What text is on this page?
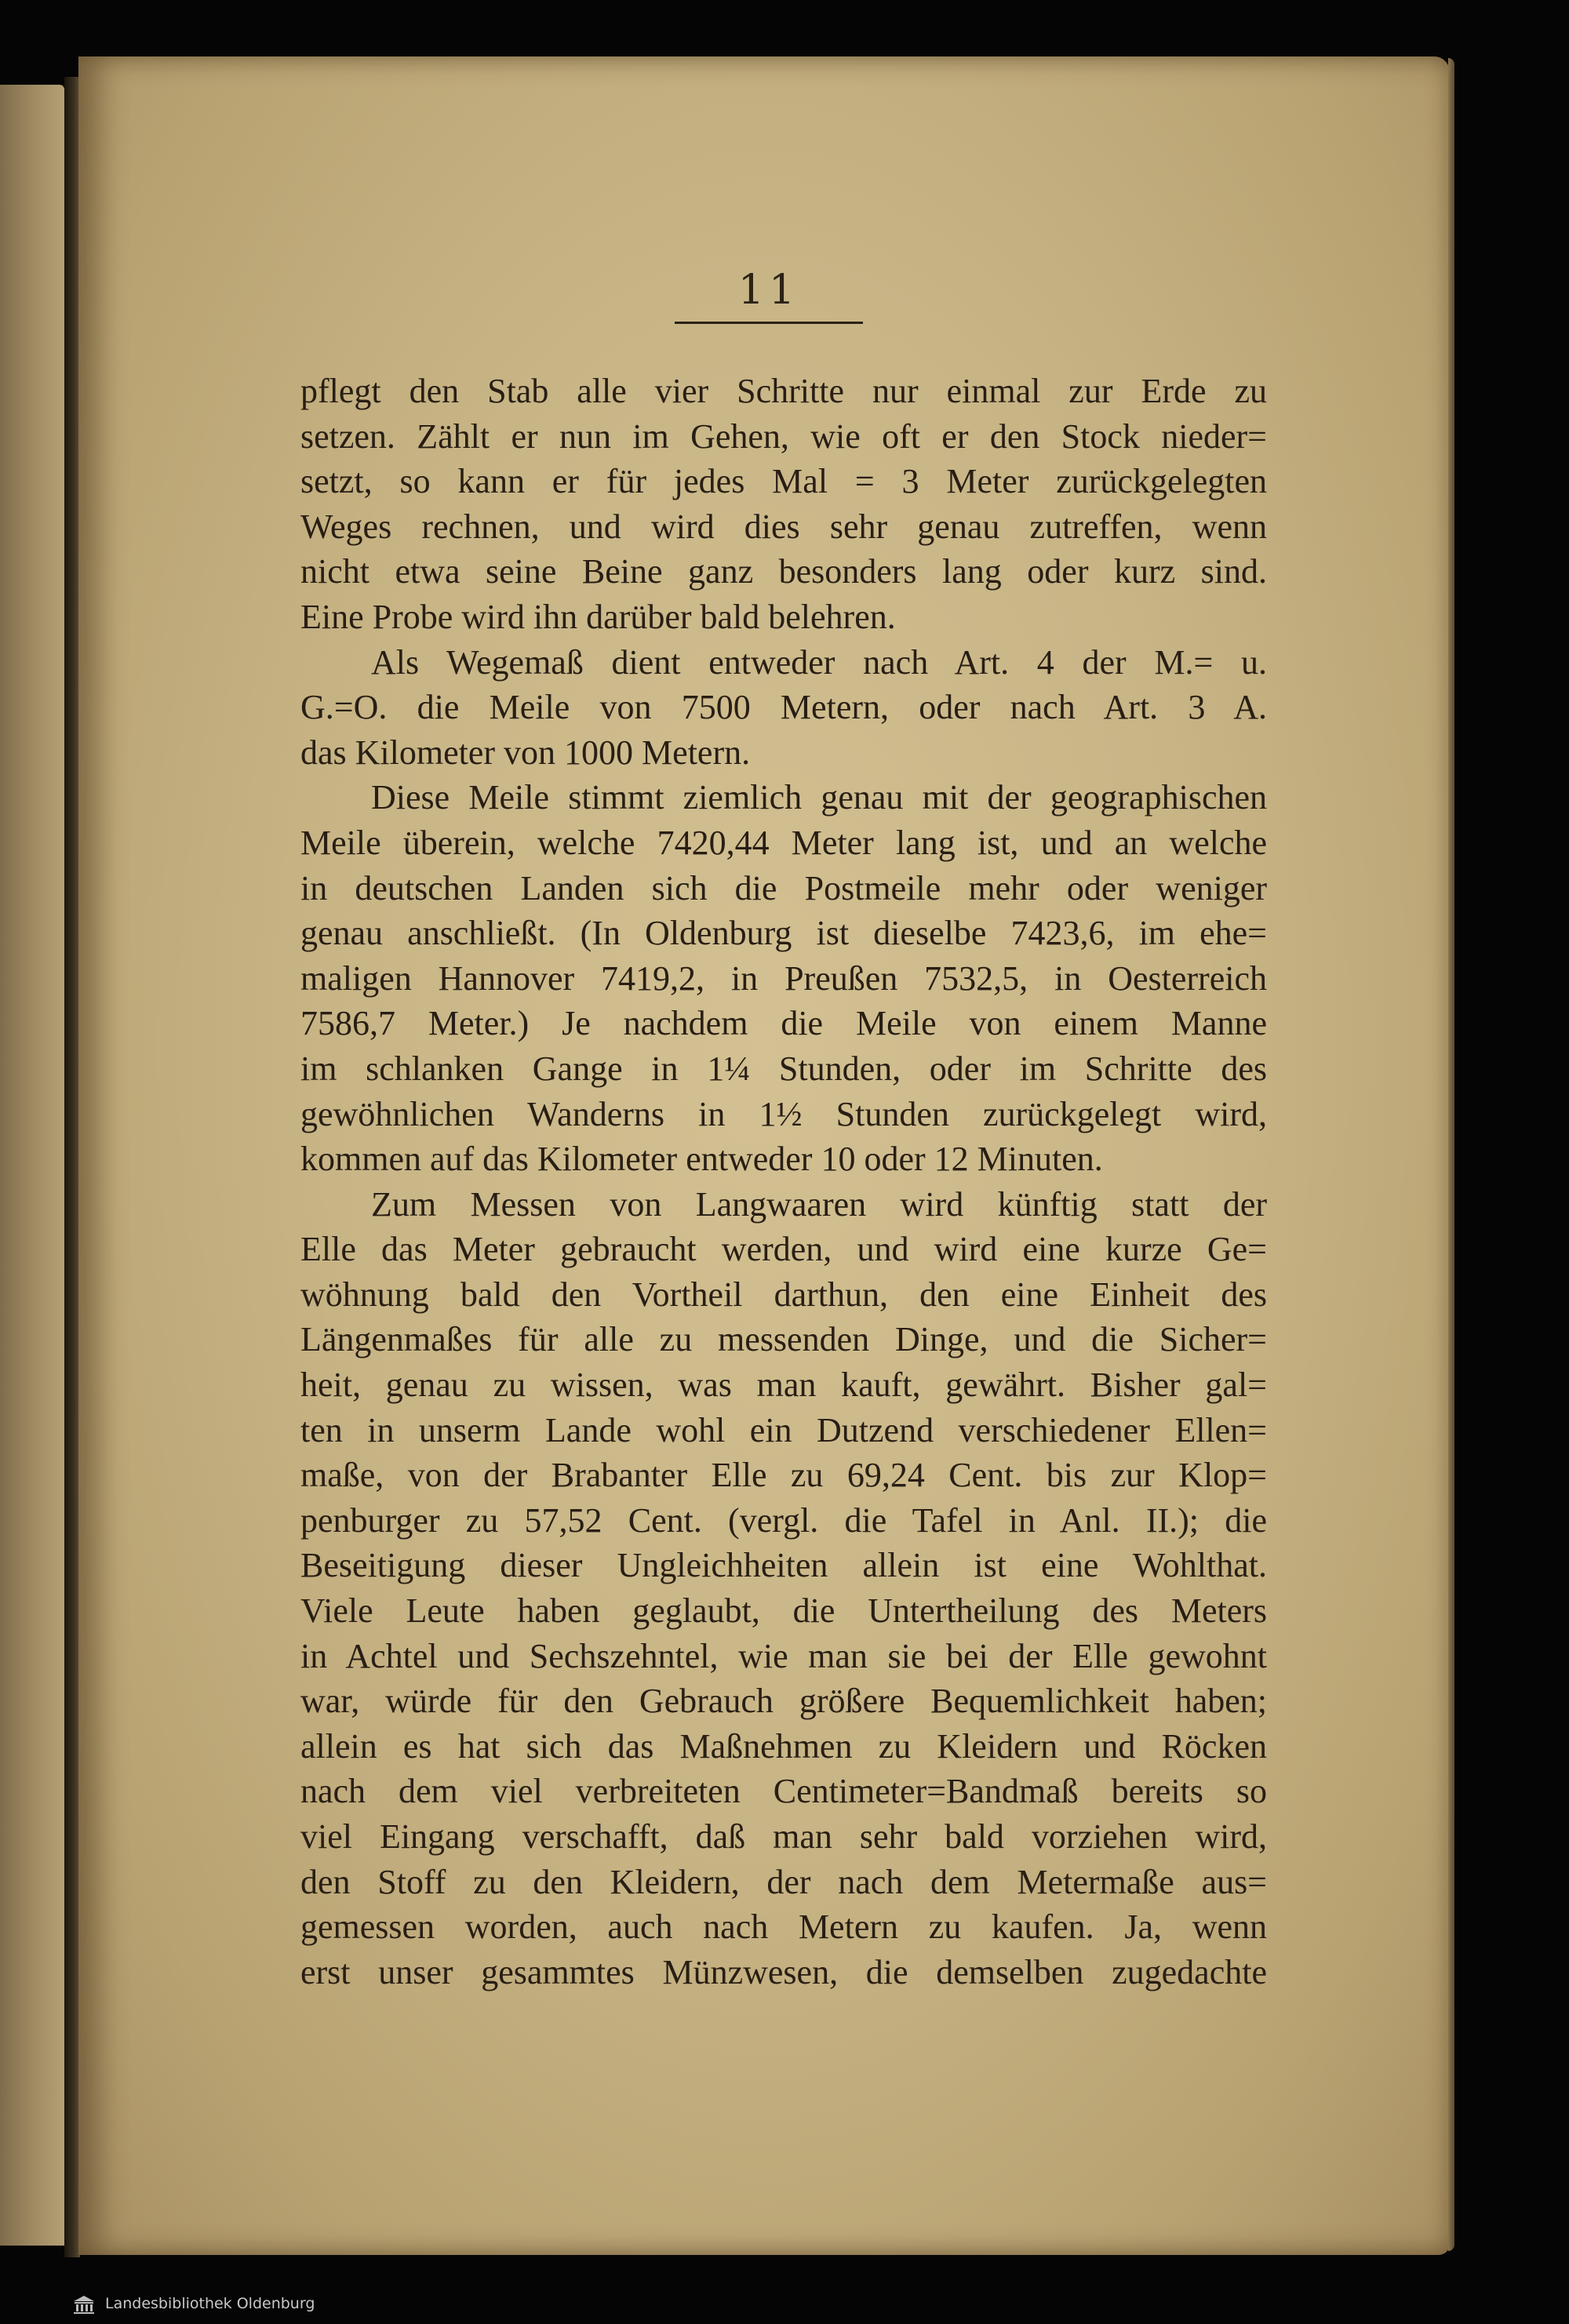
11
pflegt den Stab alle vier Schritte nur einmal zur Erde zu
setzen. Zählt er nun im Gehen, wie oft er den Stock nieder=
setzt, so kann er für jedes Mal = 3 Meter zurückgelegten
Weges rechnen, und wird dies sehr genau zutreffen, wenn
nicht etwa seine Beine ganz besonders lang oder kurz sind.
Eine Probe wird ihn darüber bald belehren.
Als Wegemaß dient entweder nach Art. 4 der M.= u.
G.=O. die Meile von 7500 Metern, oder nach Art. 3 A.
das Kilometer von 1000 Metern.
Diese Meile stimmt ziemlich genau mit der geographischen
Meile überein, welche 7420,44 Meter lang ist, und an welche
in deutschen Landen sich die Postmeile mehr oder weniger
genau anschließt. (In Oldenburg ist dieselbe 7423,6, im ehe=
maligen Hannover 7419,2, in Preußen 7532,5, in Oesterreich
7586,7 Meter.) Je nachdem die Meile von einem Manne
im schlanken Gange in 1¼ Stunden, oder im Schritte des
gewöhnlichen Wanderns in 1½ Stunden zurückgelegt wird,
kommen auf das Kilometer entweder 10 oder 12 Minuten.
Zum Messen von Langwaaren wird künftig statt der
Elle das Meter gebraucht werden, und wird eine kurze Ge=
wöhnung bald den Vortheil darthun, den eine Einheit des
Längenmaßes für alle zu messenden Dinge, und die Sicher=
heit, genau zu wissen, was man kauft, gewährt. Bisher gal=
ten in unserm Lande wohl ein Dutzend verschiedener Ellen=
maße, von der Brabanter Elle zu 69,24 Cent. bis zur Klop=
penburger zu 57,52 Cent. (vergl. die Tafel in Anl. II.); die
Beseitigung dieser Ungleichheiten allein ist eine Wohlthat.
Viele Leute haben geglaubt, die Untertheilung des Meters
in Achtel und Sechszehntel, wie man sie bei der Elle gewohnt
war, würde für den Gebrauch größere Bequemlichkeit haben;
allein es hat sich das Maßnehmen zu Kleidern und Röcken
nach dem viel verbreiteten Centimeter=Bandmaß bereits so
viel Eingang verschafft, daß man sehr bald vorziehen wird,
den Stoff zu den Kleidern, der nach dem Metermaße aus=
gemessen worden, auch nach Metern zu kaufen. Ja, wenn
erst unser gesammtes Münzwesen, die demselben zugedachte
Landesbibliothek Oldenburg
